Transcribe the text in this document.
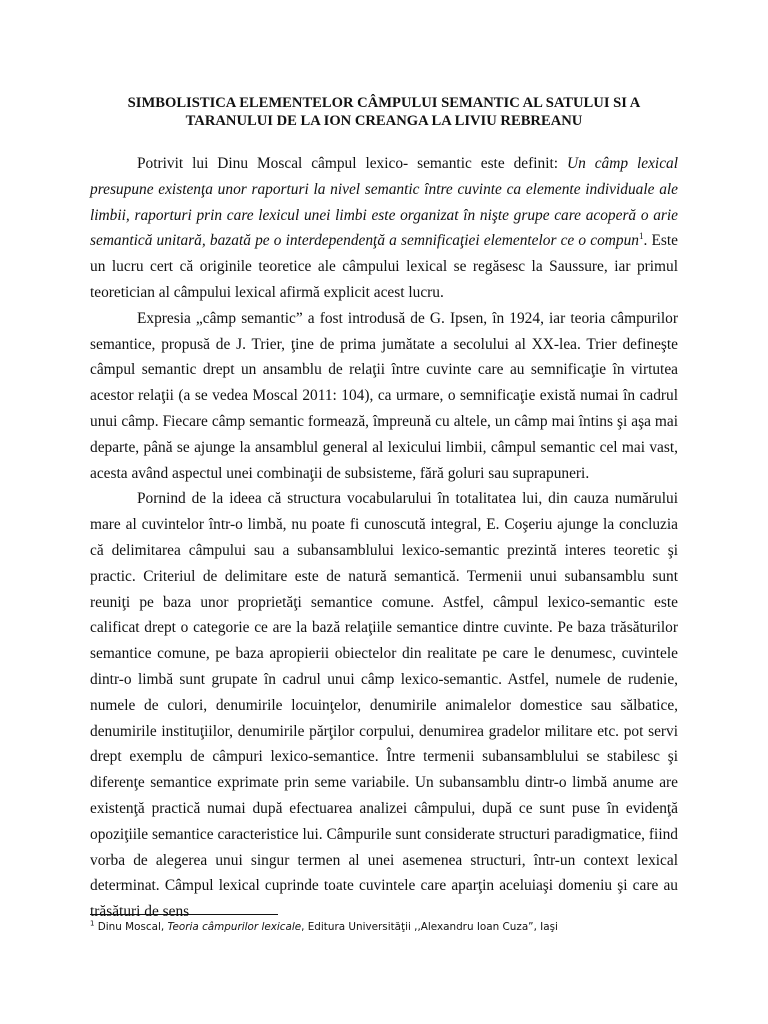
SIMBOLISTICA ELEMENTELOR CÂMPULUI SEMANTIC AL SATULUI SI A
TARANULUI DE LA ION CREANGA LA LIVIU REBREANU

Potrivit lui Dinu Moscal câmpul lexico- semantic este definit: Un câmp lexical presupune existenţa unor raporturi la nivel semantic între cuvinte ca elemente individuale ale limbii, raporturi prin care lexicul unei limbi este organizat în nişte grupe care acoperă o arie semantică unitară, bazată pe o interdependenţă a semnificaţiei elementelor ce o compun$^1$. Este un lucru cert că originile teoretice ale câmpului lexical se regăsesc la Saussure, iar primul teoretician al câmpului lexical afirmă explicit acest lucru.

Expresia „câmp semantic” a fost introdusă de G. Ipsen, în 1924, iar teoria câmpurilor semantice, propusă de J. Trier, ţine de prima jumătate a secolului al XX-lea. Trier defineşte câmpul semantic drept un ansamblu de relaţii între cuvinte care au semnificaţie în virtutea acestor relaţii (a se vedea Moscal 2011: 104), ca urmare, o semnificaţie există numai în cadrul unui câmp. Fiecare câmp semantic formează, împreună cu altele, un câmp mai întins şi aşa mai departe, până se ajunge la ansamblul general al lexicului limbii, câmpul semantic cel mai vast, acesta având aspectul unei combinaţii de subsisteme, fără goluri sau suprapuneri.

Pornind de la ideea că structura vocabularului în totalitatea lui, din cauza numărului mare al cuvintelor într-o limbă, nu poate fi cunoscută integral, E. Coşeriu ajunge la concluzia că delimitarea câmpului sau a subansamblului lexico-semantic prezintă interes teoretic şi practic. Criteriul de delimitare este de natură semantică. Termenii unui subansamblu sunt reuniţi pe baza unor proprietăţi semantice comune. Astfel, câmpul lexico-semantic este calificat drept o categorie ce are la bază relaţiile semantice dintre cuvinte. Pe baza trăsăturilor semantice comune, pe baza apropierii obiectelor din realitate pe care le denumesc, cuvintele dintr-o limbă sunt grupate în cadrul unui câmp lexico-semantic. Astfel, numele de rudenie, numele de culori, denumirile locuinţelor, denumirile animalelor domestice sau sălbatice, denumirile instituţiilor, denumirile părţilor corpului, denumirea gradelor militare etc. pot servi drept exemplu de câmpuri lexico-semantice. Între termenii subansamblului se stabilesc şi diferenţe semantice exprimate prin seme variabile. Un subansamblu dintr-o limbă anume are existenţă practică numai după efectuarea analizei câmpului, după ce sunt puse în evidenţă opoziţiile semantice caracteristice lui. Câmpurile sunt considerate structuri paradigmatice, fiind vorba de alegerea unui singur termen al unei asemenea structuri, într-un context lexical determinat. Câmpul lexical cuprinde toate cuvintele care aparţin aceluiaşi domeniu şi care au trăsături de sens

$^1$ Dinu Moscal, Teoria câmpurilor lexicale, Editura Universităţii ,,Alexandru Ioan Cuza”, Iaşi
